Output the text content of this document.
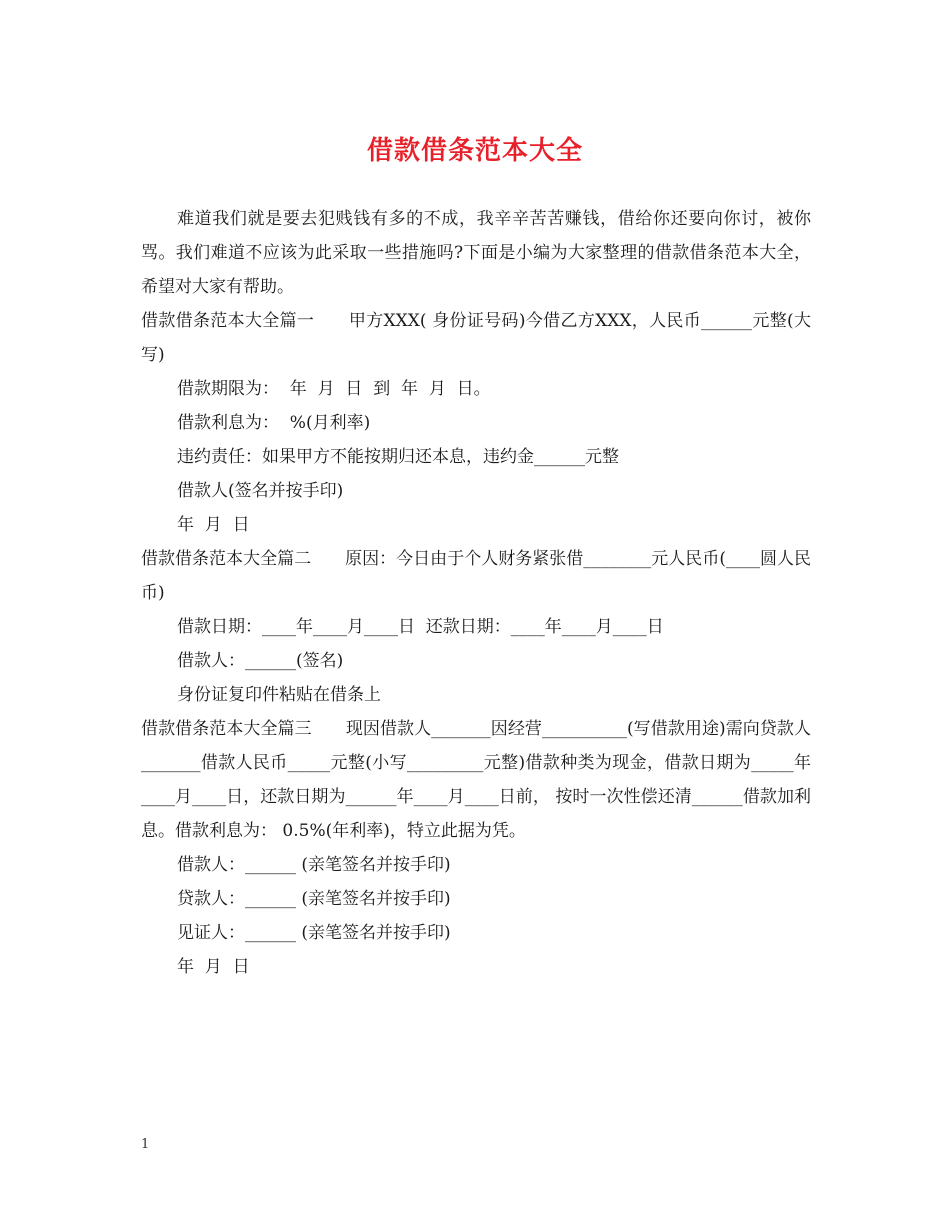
借款借条范本大全

难道我们就是要去犯贱钱有多的不成，我辛辛苦苦赚钱，借给你还要向你讨，被你骂。我们难道不应该为此采取一些措施吗?下面是小编为大家整理的借款借条范本大全，希望对大家有帮助。

借款借条范本大全篇一　　甲方XXX( 身份证号码)今借乙方XXX，人民币______元整(大写)

借款期限为：  年  月  日  到  年  月  日。

借款利息为：  %(月利率)

违约责任：如果甲方不能按期归还本息，违约金______元整

借款人(签名并按手印)

年  月  日

借款借条范本大全篇二　　原因：今日由于个人财务紧张借________元人民币(____圆人民币)

借款日期：____年____月____日  还款日期：____年____月____日

借款人：______(签名)

身份证复印件粘贴在借条上

借款借条范本大全篇三　　现因借款人_______因经营__________(写借款用途)需向贷款人_______借款人民币_____元整(小写_________元整)借款种类为现金，借款日期为_____年____月____日，还款日期为______年____月____日前， 按时一次性偿还清______借款加利息。借款利息为： 0.5%(年利率)，特立此据为凭。

借款人：______ (亲笔签名并按手印)

贷款人：______ (亲笔签名并按手印)

见证人：______ (亲笔签名并按手印)

年  月  日

1
